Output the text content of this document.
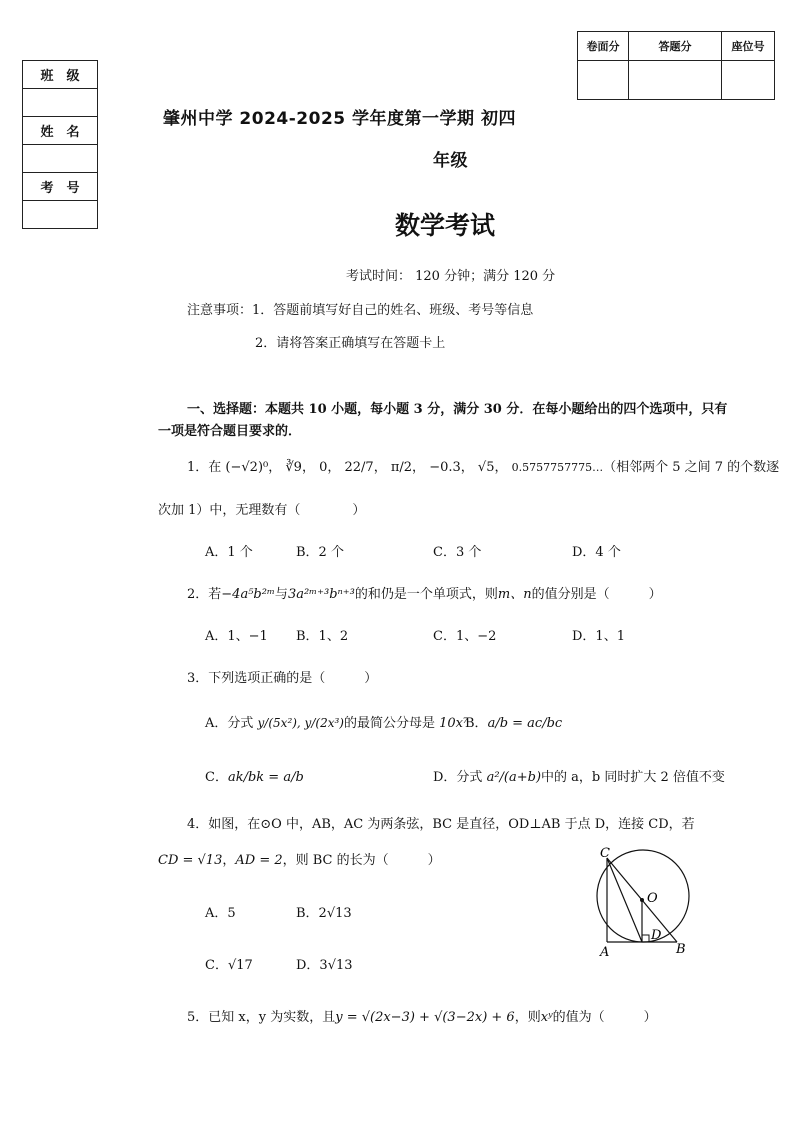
卷面分	答题分	座位号

班　级

姓　名

考　号

肇州中学 2024-2025 学年度第一学期 初四
年级
数学考试
考试时间： 120 分钟；满分 120 分
注意事项：1．答题前填写好自己的姓名、班级、考号等信息
2．请将答案正确填写在答题卡上
一、选择题：本题共 10 小题，每小题 3 分，满分 30 分．在每小题给出的四个选项中，只有
一项是符合题目要求的．
1．在 (−√2)⁰， ∛9， 0， 22/7， π/2， −0.3， √5， 0.5757757775…（相邻两个 5 之间 7 的个数逐
次加 1）中，无理数有（　　　　）
A．1 个	B．2 个	C．3 个	D．4 个
2．若−4a⁵b²ᵐ与3a²ᵐ⁺³bⁿ⁺³的和仍是一个单项式，则m、n的值分别是（　　　）
A．1、−1 B．1、2	C．1、−2	D．1、1
3．下列选项正确的是（　　　）
A．分式 y/(5x²), y/(2x³)的最简公分母是 10x⁷
B．a/b = ac/bc
C．ak/bk = a/b	D．分式 a²/(a+b)中的 a，b 同时扩大 2 倍值不变
4．如图，在⊙O 中，AB，AC 为两条弦，BC 是直径，OD⊥AB 于点 D，连接 CD，若
CD = √13，AD = 2，则 BC 的长为（　　　）
A．5	B．2√13
C．√17	D．3√13
C
O
D
A	B
5．已知 x，y 为实数，且y = √(2x−3) + √(3−2x) + 6，则xʸ的值为（　　　）
